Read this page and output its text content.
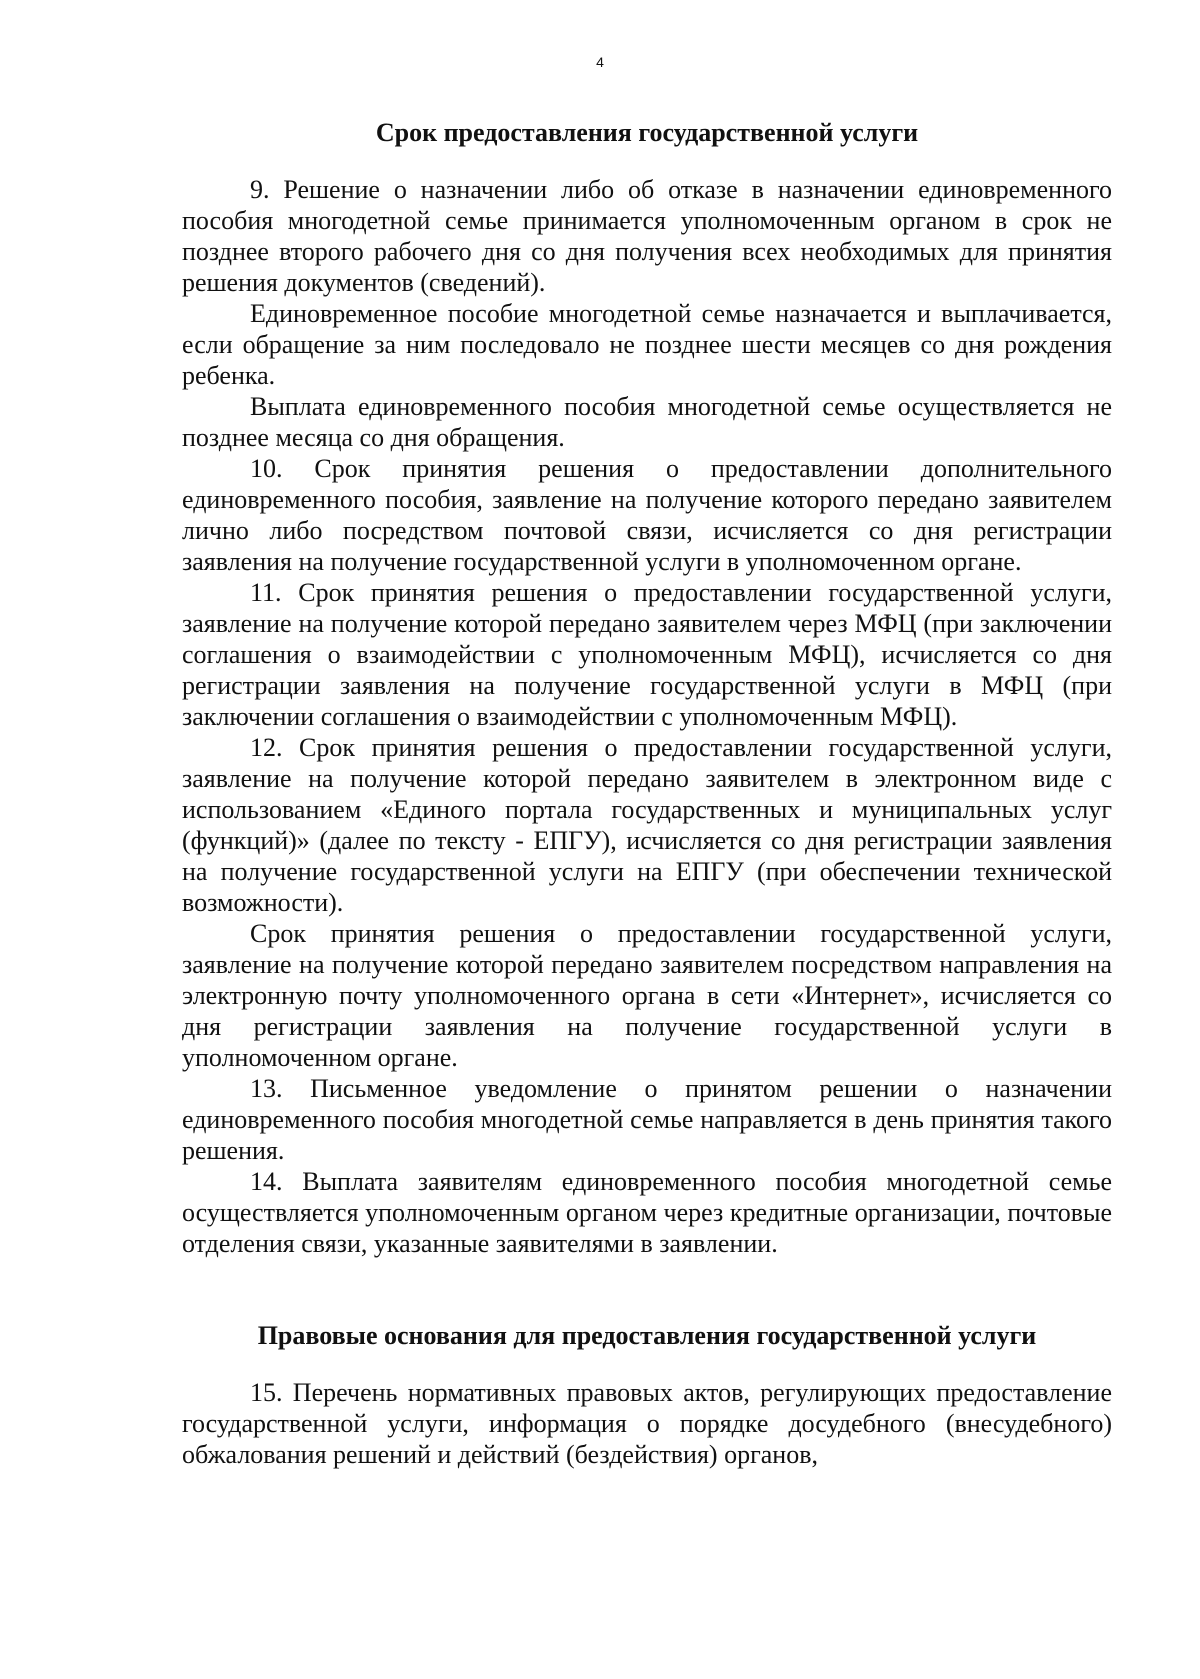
4
Срок предоставления государственной услуги

9. Решение о назначении либо об отказе в назначении единовременного пособия многодетной семье принимается уполномоченным органом в срок не позднее второго рабочего дня со дня получения всех необходимых для принятия решения документов (сведений).

Единовременное пособие многодетной семье назначается и выплачивается, если обращение за ним последовало не позднее шести месяцев со дня рождения ребенка.

Выплата единовременного пособия многодетной семье осуществляется не позднее месяца со дня обращения.

10. Срок принятия решения о предоставлении дополнительного единовременного пособия, заявление на получение которого передано заявителем лично либо посредством почтовой связи, исчисляется со дня регистрации заявления на получение государственной услуги в уполномоченном органе.

11. Срок принятия решения о предоставлении государственной услуги, заявление на получение которой передано заявителем через МФЦ (при заключении соглашения о взаимодействии с уполномоченным МФЦ), исчисляется со дня регистрации заявления на получение государственной услуги в МФЦ (при заключении соглашения о взаимодействии с уполномоченным МФЦ).

12. Срок принятия решения о предоставлении государственной услуги, заявление на получение которой передано заявителем в электронном виде с использованием «Единого портала государственных и муниципальных услуг (функций)» (далее по тексту - ЕПГУ), исчисляется со дня регистрации заявления на получение государственной услуги на ЕПГУ (при обеспечении технической возможности).

Срок принятия решения о предоставлении государственной услуги, заявление на получение которой передано заявителем посредством направления на электронную почту уполномоченного органа в сети «Интернет», исчисляется со дня регистрации заявления на получение государственной услуги в уполномоченном органе.

13. Письменное уведомление о принятом решении о назначении единовременного пособия многодетной семье направляется в день принятия такого решения.

14. Выплата заявителям единовременного пособия многодетной семье осуществляется уполномоченным органом через кредитные организации, почтовые отделения связи, указанные заявителями в заявлении.

Правовые основания для предоставления государственной услуги

15. Перечень нормативных правовых актов, регулирующих предоставление государственной услуги, информация о порядке досудебного (внесудебного) обжалования решений и действий (бездействия) органов,
